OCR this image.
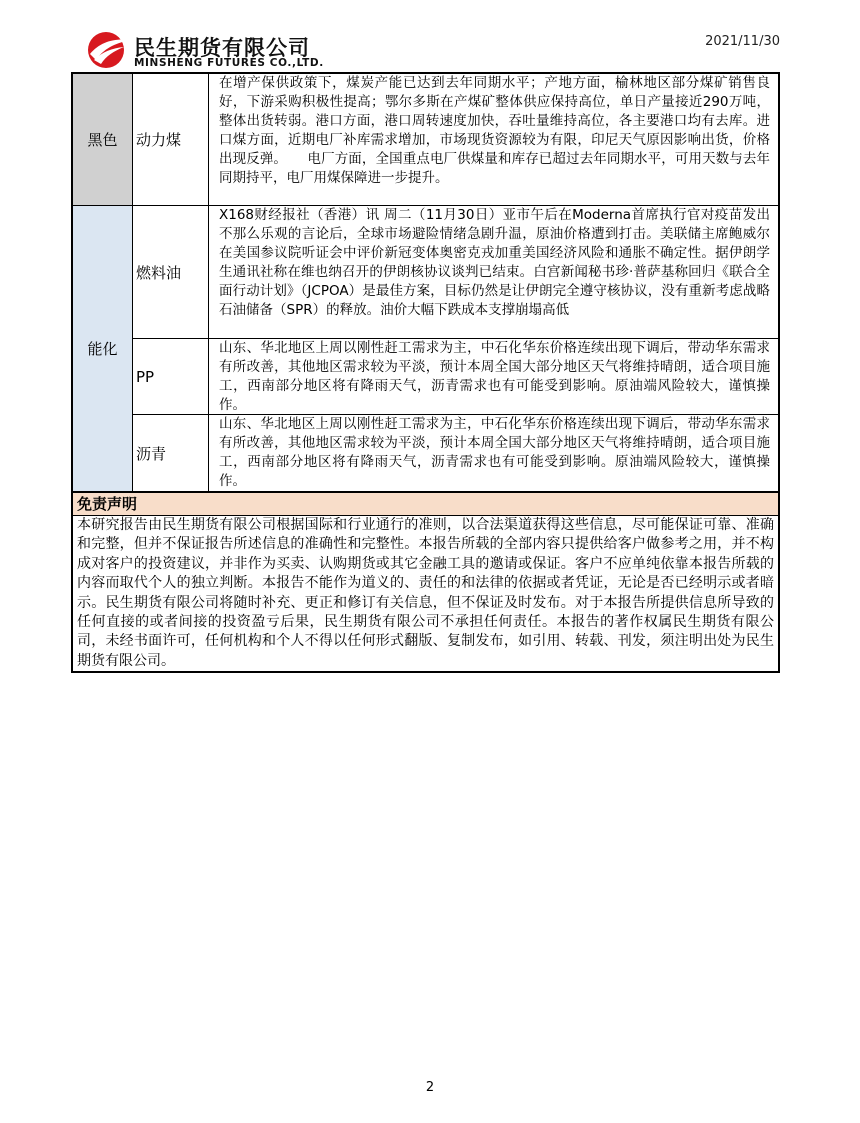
民生期货有限公司
MINSHENG FUTURES CO.,LTD.
2021/11/30
黑色	动力煤
在增产保供政策下，煤炭产能已达到去年同期水平；产地方面，榆林地区部分煤矿销售良好，下游采购积极性提高；鄂尔多斯在产煤矿整体供应保持高位，单日产量接近290万吨，整体出货转弱。港口方面，港口周转速度加快，吞吐量维持高位，各主要港口均有去库。进口煤方面，近期电厂补库需求增加，市场现货资源较为有限，印尼天气原因影响出货，价格出现反弹。　　电厂方面，全国重点电厂供煤量和库存已超过去年同期水平，可用天数与去年同期持平，电厂用煤保障进一步提升。
能化
燃料油
X168财经报社（香港）讯 周二（11月30日）亚市午后在Moderna首席执行官对疫苗发出不那么乐观的言论后，全球市场避险情绪急剧升温，原油价格遭到打击。美联储主席鲍威尔在美国参议院听证会中评价新冠变体奥密克戎加重美国经济风险和通胀不确定性。据伊朗学生通讯社称在维也纳召开的伊朗核协议谈判已结束。白宫新闻秘书珍·普萨基称回归《联合全面行动计划》（JCPOA）是最佳方案，目标仍然是让伊朗完全遵守核协议，没有重新考虑战略石油储备（SPR）的释放。油价大幅下跌成本支撑崩塌高低
PP
山东、华北地区上周以刚性赶工需求为主，中石化华东价格连续出现下调后，带动华东需求有所改善，其他地区需求较为平淡，预计本周全国大部分地区天气将维持晴朗，适合项目施工，西南部分地区将有降雨天气，沥青需求也有可能受到影响。原油端风险较大，谨慎操作。
沥青
山东、华北地区上周以刚性赶工需求为主，中石化华东价格连续出现下调后，带动华东需求有所改善，其他地区需求较为平淡，预计本周全国大部分地区天气将维持晴朗，适合项目施工，西南部分地区将有降雨天气，沥青需求也有可能受到影响。原油端风险较大，谨慎操作。
免责声明
本研究报告由民生期货有限公司根据国际和行业通行的准则，以合法渠道获得这些信息，尽可能保证可靠、准确和完整，但并不保证报告所述信息的准确性和完整性。本报告所载的全部内容只提供给客户做参考之用，并不构成对客户的投资建议，并非作为买卖、认购期货或其它金融工具的邀请或保证。客户不应单纯依靠本报告所载的内容而取代个人的独立判断。本报告不能作为道义的、责任的和法律的依据或者凭证，无论是否已经明示或者暗示。民生期货有限公司将随时补充、更正和修订有关信息，但不保证及时发布。对于本报告所提供信息所导致的任何直接的或者间接的投资盈亏后果，民生期货有限公司不承担任何责任。本报告的著作权属民生期货有限公司，未经书面许可，任何机构和个人不得以任何形式翻版、复制发布，如引用、转载、刊发，须注明出处为民生期货有限公司。
2
